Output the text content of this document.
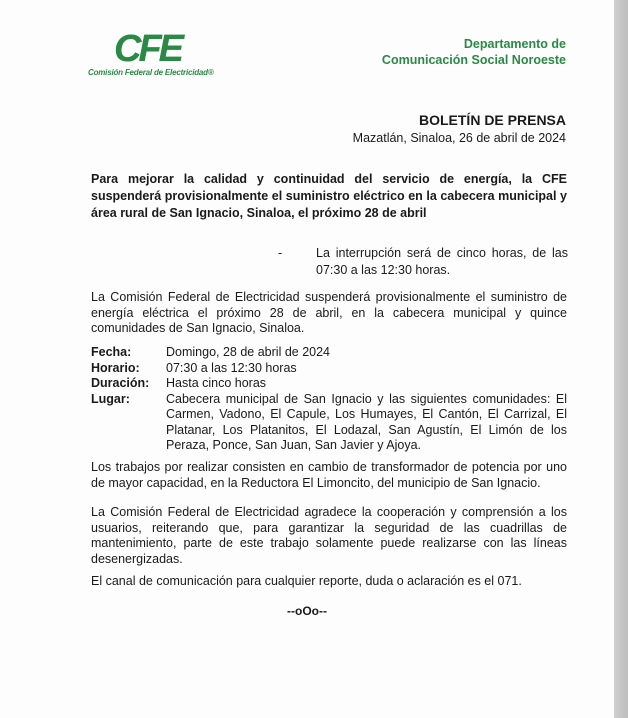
CFE
Comisión Federal de Electricidad®
Departamento de
Comunicación Social Noroeste
BOLETÍN DE PRENSA
Mazatlán, Sinaloa, 26 de abril de 2024
Para mejorar la calidad y continuidad del servicio de energía, la CFE suspenderá provisionalmente el suministro eléctrico en la cabecera municipal y área rural de San Ignacio, Sinaloa, el próximo 28 de abril
-	La interrupción será de cinco horas, de las 07:30 a las 12:30 horas.
La Comisión Federal de Electricidad suspenderá provisionalmente el suministro de energía eléctrica el próximo 28 de abril, en la cabecera municipal y quince comunidades de San Ignacio, Sinaloa.
Fecha:	Domingo, 28 de abril de 2024
Horario:	07:30 a las 12:30 horas
Duración:	Hasta cinco horas
Lugar:	Cabecera municipal de San Ignacio y las siguientes comunidades: El Carmen, Vadono, El Capule, Los Humayes, El Cantón, El Carrizal, El Platanar, Los Platanitos, El Lodazal, San Agustín, El Limón de los Peraza, Ponce, San Juan, San Javier y Ajoya.
Los trabajos por realizar consisten en cambio de transformador de potencia por uno de mayor capacidad, en la Reductora El Limoncito, del municipio de San Ignacio.
La Comisión Federal de Electricidad agradece la cooperación y comprensión a los usuarios, reiterando que, para garantizar la seguridad de las cuadrillas de mantenimiento, parte de este trabajo solamente puede realizarse con las líneas desenergizadas.
El canal de comunicación para cualquier reporte, duda o aclaración es el 071.
--oOo--
